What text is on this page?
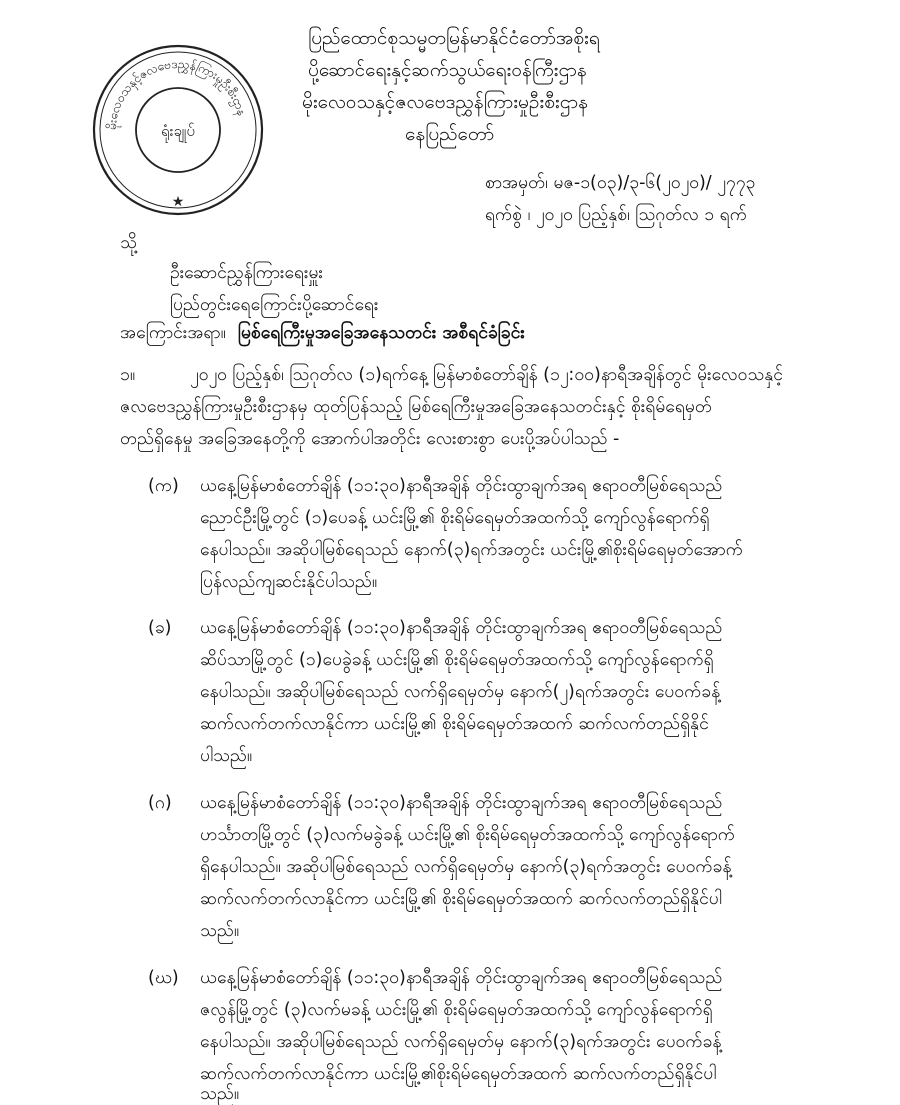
မိုးလေဝသနှင့်ဇလဗေဒညွှန်ကြားမှုဦးစီးဌာန
ရုံးချုပ်
★
ပြည်ထောင်စုသမ္မတမြန်မာနိုင်ငံတော်အစိုးရ
ပို့ဆောင်ရေးနှင့်ဆက်သွယ်ရေးဝန်ကြီးဌာန
မိုးလေဝသနှင့်ဇလဗေဒညွှန်ကြားမှုဦးစီးဌာန
နေပြည်တော်
စာအမှတ်၊ မဇ-၁(၀၃)/၃-၆(၂၀၂၀)/ ၂၇၇၃
ရက်စွဲ ၊ ၂၀၂၀ ပြည့်နှစ်၊ ဩဂုတ်လ ၁ ရက်
သို့
ဦးဆောင်ညွှန်ကြားရေးမှူး
ပြည်တွင်းရေကြောင်းပို့ဆောင်ရေး
အကြောင်းအရာ။ မြစ်ရေကြီးမှုအခြေအနေသတင်း အစီရင်ခံခြင်း
၁။	၂၀၂၀ ပြည့်နှစ်၊ ဩဂုတ်လ (၁)ရက်နေ့ မြန်မာစံတော်ချိန် (၁၂:၀၀)နာရီအချိန်တွင် မိုးလေဝသနှင့်
ဇလဗေဒညွှန်ကြားမှုဦးစီးဌာနမှ ထုတ်ပြန်သည့် မြစ်ရေကြီးမှုအခြေအနေသတင်းနှင့် စိုးရိမ်ရေမှတ်
တည်ရှိနေမှု အခြေအနေတို့ကို အောက်ပါအတိုင်း လေးစားစွာ ပေးပို့အပ်ပါသည် -
(က) ယနေ့မြန်မာစံတော်ချိန် (၁၁:၃၀)နာရီအချိန် တိုင်းထွာချက်အရ ဧရာဝတီမြစ်ရေသည်
ညောင်ဦးမြို့တွင် (၁)ပေခန့် ယင်းမြို့၏ စိုးရိမ်ရေမှတ်အထက်သို့ ကျော်လွန်ရောက်ရှိ
နေပါသည်။ အဆိုပါမြစ်ရေသည် နောက်(၃)ရက်အတွင်း ယင်းမြို့၏စိုးရိမ်ရေမှတ်အောက်
ပြန်လည်ကျဆင်းနိုင်ပါသည်။
(ခ) ယနေ့မြန်မာစံတော်ချိန် (၁၁:၃၀)နာရီအချိန် တိုင်းထွာချက်အရ ဧရာဝတီမြစ်ရေသည်
ဆိပ်သာမြို့တွင် (၁)ပေခွဲခန့် ယင်းမြို့၏ စိုးရိမ်ရေမှတ်အထက်သို့ ကျော်လွန်ရောက်ရှိ
နေပါသည်။ အဆိုပါမြစ်ရေသည် လက်ရှိရေမှတ်မှ နောက်(၂)ရက်အတွင်း ပေဝက်ခန့်
ဆက်လက်တက်လာနိုင်ကာ ယင်းမြို့၏ စိုးရိမ်ရေမှတ်အထက် ဆက်လက်တည်ရှိနိုင်
ပါသည်။
(ဂ) ယနေ့မြန်မာစံတော်ချိန် (၁၁:၃၀)နာရီအချိန် တိုင်းထွာချက်အရ ဧရာဝတီမြစ်ရေသည်
ဟင်္သာတမြို့တွင် (၃)လက်မခွဲခန့် ယင်းမြို့၏ စိုးရိမ်ရေမှတ်အထက်သို့ ကျော်လွန်ရောက်
ရှိနေပါသည်။ အဆိုပါမြစ်ရေသည် လက်ရှိရေမှတ်မှ နောက်(၃)ရက်အတွင်း ပေဝက်ခန့်
ဆက်လက်တက်လာနိုင်ကာ ယင်းမြို့၏ စိုးရိမ်ရေမှတ်အထက် ဆက်လက်တည်ရှိနိုင်ပါ
သည်။
(ဃ) ယနေ့မြန်မာစံတော်ချိန် (၁၁:၃၀)နာရီအချိန် တိုင်းထွာချက်အရ ဧရာဝတီမြစ်ရေသည်
ဇလွန်မြို့တွင် (၃)လက်မခန့် ယင်းမြို့၏ စိုးရိမ်ရေမှတ်အထက်သို့ ကျော်လွန်ရောက်ရှိ
နေပါသည်။ အဆိုပါမြစ်ရေသည် လက်ရှိရေမှတ်မှ နောက်(၃)ရက်အတွင်း ပေဝက်ခန့်
ဆက်လက်တက်လာနိုင်ကာ ယင်းမြို့၏စိုးရိမ်ရေမှတ်အထက် ဆက်လက်တည်ရှိနိုင်ပါ
သည်။
